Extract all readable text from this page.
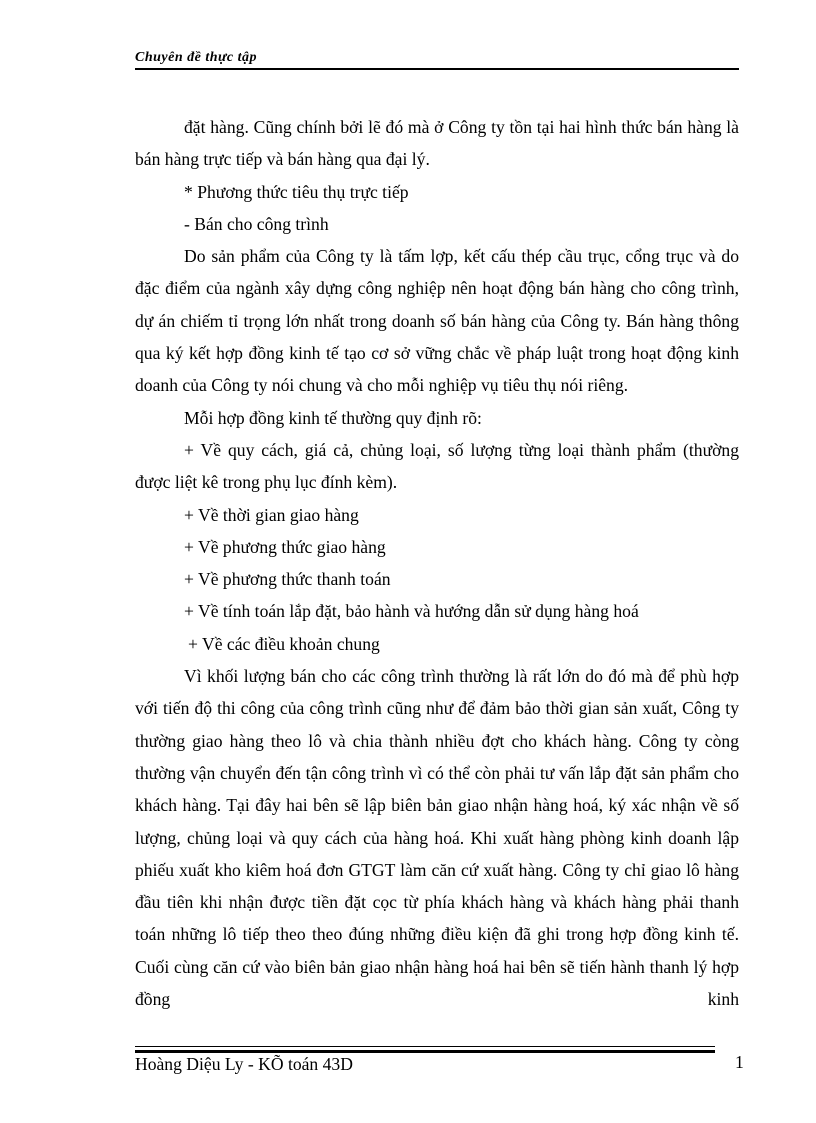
Chuyên đề thực tập

đặt hàng. Cũng chính bởi lẽ đó mà ở Công ty tồn tại hai hình thức bán hàng là bán hàng trực tiếp và bán hàng qua đại lý.

* Phương thức tiêu thụ trực tiếp

- Bán cho công trình

Do sản phẩm của Công ty là tấm lợp, kết cấu thép cầu trục, cổng trục và do đặc điểm của ngành xây dựng công nghiệp nên hoạt động bán hàng cho công trình, dự án chiếm tỉ trọng lớn nhất trong doanh số bán hàng của Công ty. Bán hàng thông qua ký kết hợp đồng kinh tế tạo cơ sở vững chắc về pháp luật trong hoạt động kinh doanh của Công ty nói chung và cho mỗi nghiệp vụ tiêu thụ nói riêng.

Mỗi hợp đồng kinh tế thường quy định rõ:

+ Về quy cách, giá cả, chủng loại, số lượng từng loại thành phẩm (thường được liệt kê trong phụ lục đính kèm).

+ Về thời gian giao hàng

+ Về phương thức giao hàng

+ Về phương thức thanh toán

+ Về tính toán lắp đặt, bảo hành và hướng dẫn sử dụng hàng hoá

+ Về các điều khoản chung

Vì khối lượng bán cho các công trình thường là rất lớn do đó mà để phù hợp với tiến độ thi công của công trình cũng như để đảm bảo thời gian sản xuất, Công ty thường giao hàng theo lô và chia thành nhiều đợt cho khách hàng. Công ty còng thường vận chuyển đến tận công trình vì có thể còn phải tư vấn lắp đặt sản phẩm cho khách hàng. Tại đây hai bên sẽ lập biên bản giao nhận hàng hoá, ký xác nhận về số lượng, chủng loại và quy cách của hàng hoá. Khi xuất hàng phòng kinh doanh lập phiếu xuất kho kiêm hoá đơn GTGT làm căn cứ xuất hàng. Công ty chỉ giao lô hàng đầu tiên khi nhận được tiền đặt cọc từ phía khách hàng và khách hàng phải thanh toán những lô tiếp theo theo đúng những điều kiện đã ghi trong hợp đồng kinh tế. Cuối cùng căn cứ vào biên bản giao nhận hàng hoá hai bên sẽ tiến hành thanh lý hợp đồng kinh

Hoàng Diệu Ly - KÕ toán 43D	1
